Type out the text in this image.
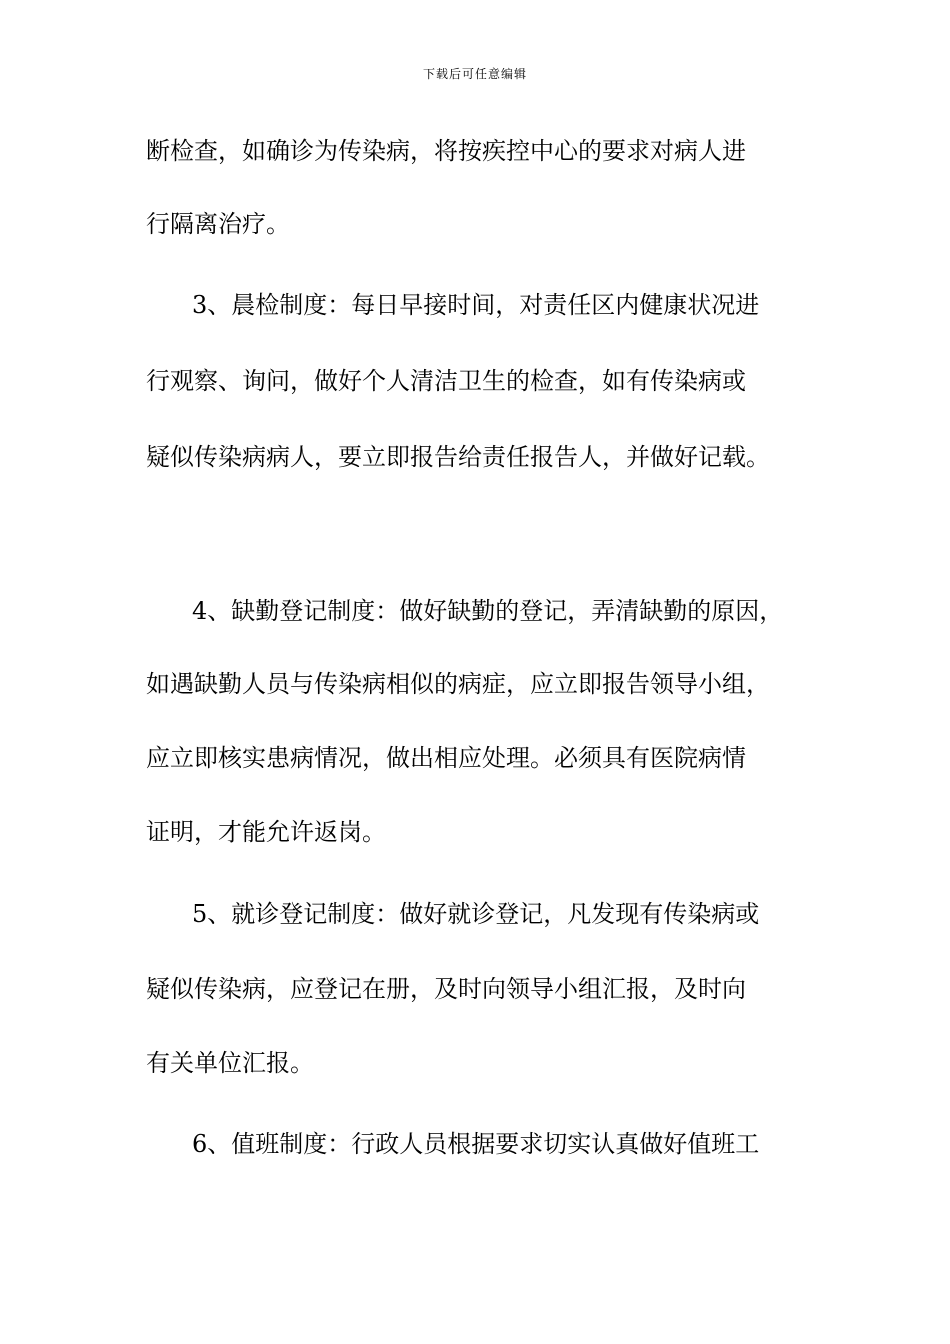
下载后可任意编辑
断检查，如确诊为传染病，将按疾控中心的要求对病人进
行隔离治疗。
3、晨检制度：每日早接时间，对责任区内健康状况进
行观察、询问，做好个人清洁卫生的检查，如有传染病或
疑似传染病病人，要立即报告给责任报告人，并做好记载。
4、缺勤登记制度：做好缺勤的登记，弄清缺勤的原因，
如遇缺勤人员与传染病相似的病症，应立即报告领导小组，
应立即核实患病情况，做出相应处理。必须具有医院病情
证明，才能允许返岗。
5、就诊登记制度：做好就诊登记，凡发现有传染病或
疑似传染病，应登记在册，及时向领导小组汇报，及时向
有关单位汇报。
6、值班制度：行政人员根据要求切实认真做好值班工
